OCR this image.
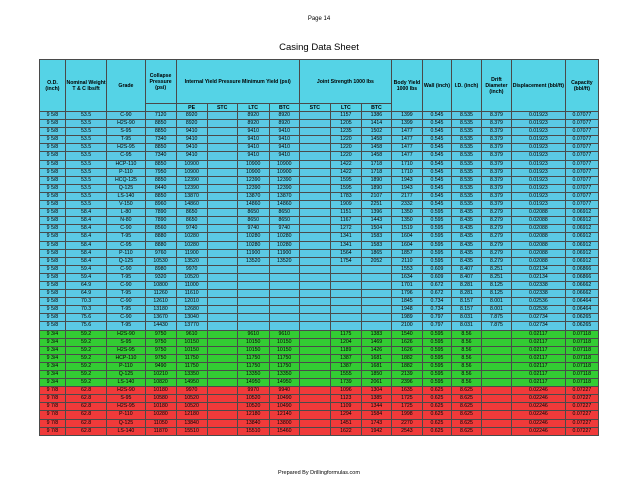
Page 14
Casing Data Sheet
O.D. (inch)	Nominal Weight T & C lbs/ft	Grade	Collapse Pressure (psi)	Internal Yield Pressure Minimum Yield (psi)				Joint Strength 1000 lbs			Body Yield 1000 lbs	Wall (inch)	I.D. (inch)	Drift Diameter (inch)	Displacement (bbl/ft)	Capacity (bbl/ft)
				PE	STC	LTC	BTC	STC	LTC	BTC						
9 5/8	53.5	C-90	7120	8920		8920	8920		1157	1386	1399	0.545	8.535	8.379	0.01923	0.07077
9 5/8	53.5	H2S-90	8850	8920		8920	8920		1205	1414	1399	0.545	8.535	8.379	0.01923	0.07077
9 5/8	53.5	S-95	8850	9410		9410	9410		1235	1502	1477	0.545	8.535	8.379	0.01923	0.07077
9 5/8	53.5	T-95	7340	9410		9410	9410		1220	1458	1477	0.545	8.535	8.379	0.01923	0.07077
9 5/8	53.5	H2S-95	8850	9410		9410	9410		1220	1458	1477	0.545	8.535	8.379	0.01923	0.07077
9 5/8	53.5	C-95	7340	9410		9410	9410		1220	1458	1477	0.545	8.535	8.379	0.01923	0.07077
9 5/8	53.5	HCP-110	8850	10900		10900	10900		1422	1718	1710	0.545	8.535	8.379	0.01923	0.07077
9 5/8	53.5	P-110	7950	10900		10900	10900		1422	1718	1710	0.545	8.535	8.379	0.01923	0.07077
9 5/8	53.5	HCQ-125	8850	12390		12390	12390		1595	1890	1943	0.545	8.535	8.379	0.01923	0.07077
9 5/8	53.5	Q-125	8440	12390		12390	12390		1595	1890	1943	0.545	8.535	8.379	0.01923	0.07077
9 5/8	53.5	LS-140	8850	13870		13870	13870		1783	2107	2177	0.545	8.535	8.379	0.01923	0.07077
9 5/8	53.5	V-150	8960	14860		14860	14860		1909	2251	2332	0.545	8.535	8.379	0.01923	0.07077
9 5/8	58.4	L-80	7890	8650		8650	8650		1151	1396	1350	0.595	8.435	8.279	0.02088	0.06912
9 5/8	58.4	N-80	7890	8650		8650	8650		1167	1443	1350	0.595	8.435	8.279	0.02088	0.06912
9 5/8	58.4	C-90	8560	9740		9740	9740		1272	1504	1519	0.595	8.435	8.279	0.02088	0.06912
9 5/8	58.4	T-95	8880	10280		10280	10280		1341	1583	1604	0.595	8.435	8.279	0.02088	0.06912
9 5/8	58.4	C-95	8880	10280		10280	10280		1341	1583	1604	0.595	8.435	8.279	0.02088	0.06912
9 5/8	58.4	P-110	9760	11900		11900	11900		1564	1865	1857	0.595	8.435	8.279	0.02088	0.06912
9 5/8	58.4	Q-125	10530	13520		13520	13520		1754	2052	2110	0.595	8.435	8.279	0.02088	0.06912
9 5/8	59.4	C-90	8980	9970							1553	0.609	8.407	8.251	0.02134	0.06866
9 5/8	59.4	T-95	9320	10520							1634	0.609	8.407	8.251	0.02134	0.06866
9 5/8	64.9	C-90	10800	11000							1701	0.672	8.281	8.125	0.02338	0.06662
9 5/8	64.9	T-95	11260	11610							1796	0.672	8.281	8.125	0.02338	0.06662
9 5/8	70.3	C-90	12610	12010							1845	0.734	8.157	8.001	0.02536	0.06464
9 5/8	70.3	T-95	13180	12680							1948	0.734	8.157	8.001	0.02536	0.06464
9 5/8	75.6	C-90	13670	13040							1989	0.797	8.031	7.875	0.02734	0.06265
9 5/8	75.6	T-95	14430	13770							2100	0.797	8.031	7.875	0.02734	0.06265
9 3/4	59.2	H2S-90	9750	9610		9610	9610		1175	1383	1540	0.595	8.56		0.02117	0.07118
9 3/4	59.2	S-95	9750	10150		10150	10150		1204	1469	1626	0.595	8.56		0.02117	0.07118
9 3/4	59.2	H2S-95	9750	10150		10150	10150		1189	1426	1626	0.595	8.56		0.02117	0.07118
9 3/4	59.2	HCP-110	9750	11750		11750	11750		1387	1681	1882	0.595	8.56		0.02117	0.07118
9 3/4	59.2	P-110	9490	11750		11750	11750		1387	1681	1882	0.595	8.56		0.02117	0.07118
9 3/4	59.2	Q-125	10210	13350		13350	13350		1555	1850	2139	0.595	8.56		0.02117	0.07118
9 3/4	59.2	LS-140	10820	14950		14950	14950		1739	2061	2396	0.595	8.56		0.02117	0.07118
9 7/8	62.8	H2S-90	10180	9970		9970	9940		1096	1304	1635	0.625	8.625		0.02246	0.07227
9 7/8	62.8	S-95	10580	10520		10520	10490		1123	1385	1725	0.625	8.625		0.02246	0.07227
9 7/8	62.8	H2S-95	10180	10520		10520	10490		1109	1344	1725	0.625	8.625		0.02246	0.07227
9 7/8	62.8	P-110	10280	12180		12180	12140		1294	1584	1998	0.625	8.625		0.02246	0.07227
9 7/8	62.8	Q-125	11050	13840		13840	13800		1451	1743	2270	0.625	8.625		0.02246	0.07227
9 7/8	62.8	LS-140	11870	15510		15510	15460		1622	1942	2543	0.625	8.625		0.02246	0.07227
Prepared By Drillingformulas.com
